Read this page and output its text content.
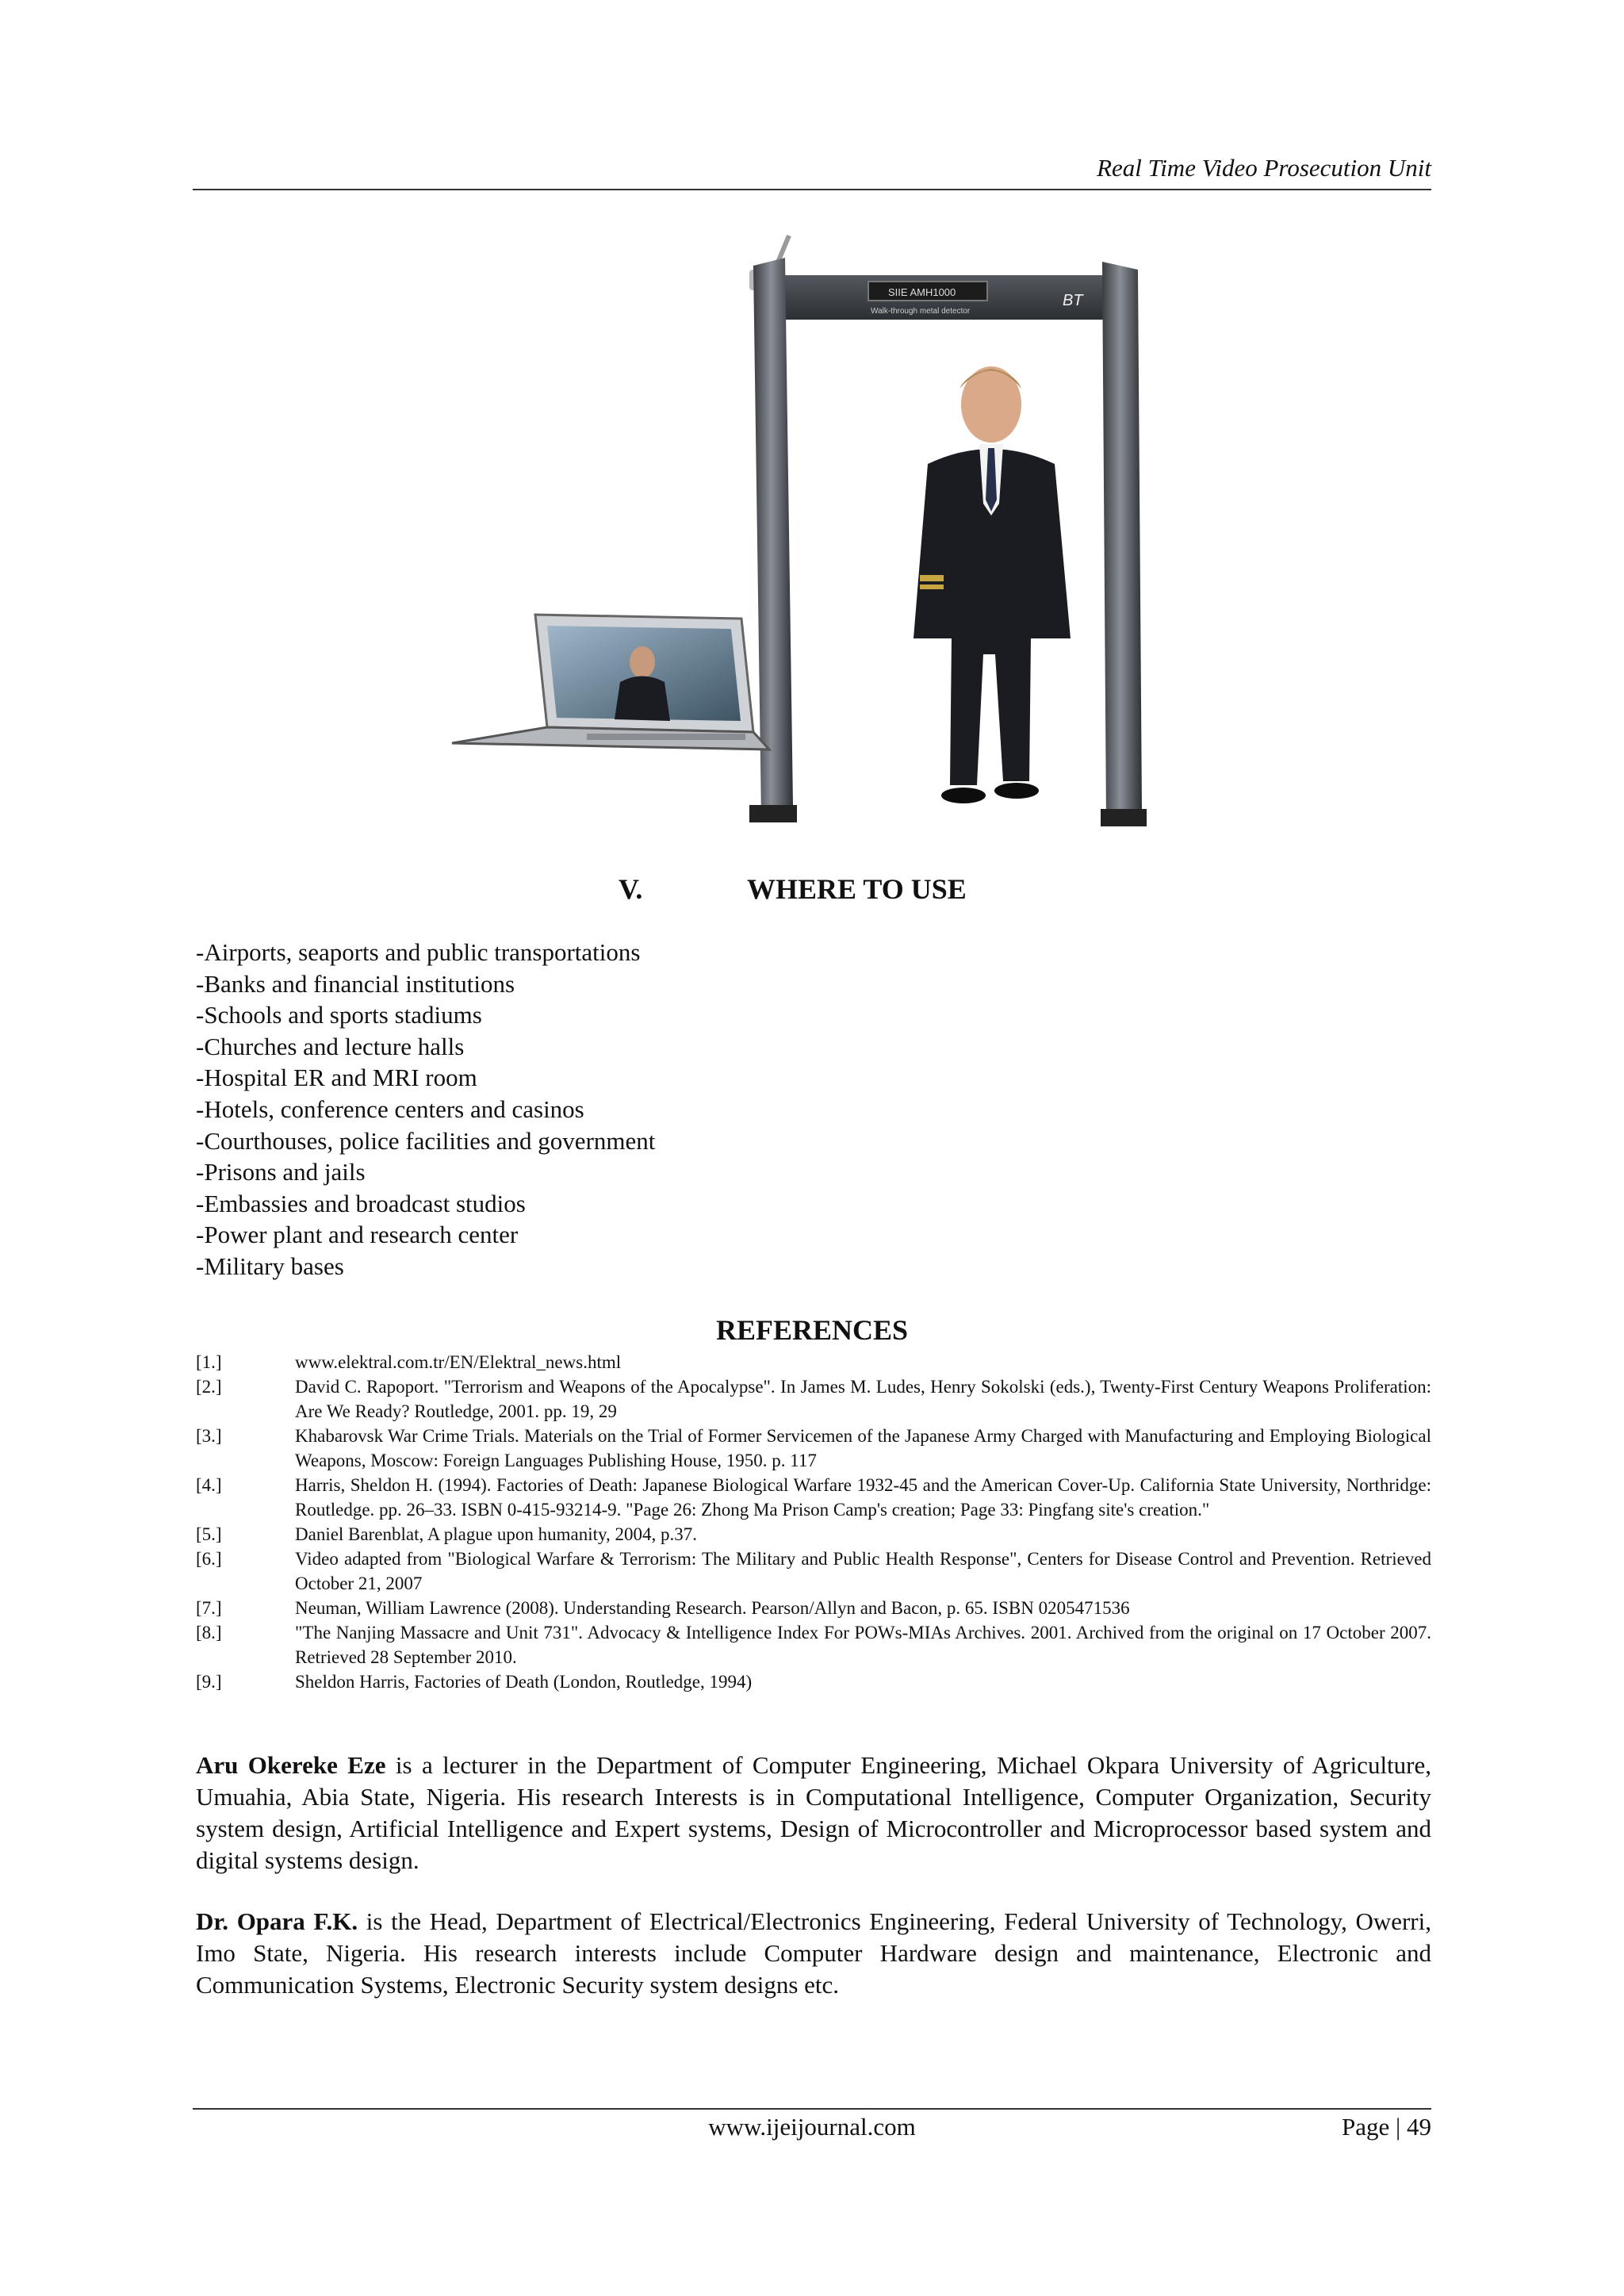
Real Time Video Prosecution Unit
SIIE AMH1000
Walk-through metal detector
BT
V.	WHERE TO USE
-Airports, seaports and public transportations
-Banks and financial institutions
-Schools and sports stadiums
-Churches and lecture halls
-Hospital ER and MRI room
-Hotels, conference centers and casinos
-Courthouses, police facilities and government
-Prisons and jails
-Embassies and broadcast studios
-Power plant and research center
-Military bases
REFERENCES
[1.]	www.elektral.com.tr/EN/Elektral_news.html
[2.]	David C. Rapoport. "Terrorism and Weapons of the Apocalypse". In James M. Ludes, Henry Sokolski (eds.), Twenty-First Century Weapons Proliferation: Are We Ready? Routledge, 2001. pp. 19, 29
[3.]	Khabarovsk War Crime Trials. Materials on the Trial of Former Servicemen of the Japanese Army Charged with Manufacturing and Employing Biological Weapons, Moscow: Foreign Languages Publishing House, 1950. p. 117
[4.]	Harris, Sheldon H. (1994). Factories of Death: Japanese Biological Warfare 1932-45 and the American Cover-Up. California State University, Northridge: Routledge. pp. 26–33. ISBN 0-415-93214-9. "Page 26: Zhong Ma Prison Camp's creation; Page 33: Pingfang site's creation."
[5.]	Daniel Barenblat, A plague upon humanity, 2004, p.37.
[6.]	Video adapted from "Biological Warfare & Terrorism: The Military and Public Health Response", Centers for Disease Control and Prevention. Retrieved October 21, 2007
[7.]	Neuman, William Lawrence (2008). Understanding Research. Pearson/Allyn and Bacon, p. 65. ISBN 0205471536
[8.]	"The Nanjing Massacre and Unit 731". Advocacy & Intelligence Index For POWs-MIAs Archives. 2001. Archived from the original on 17 October 2007. Retrieved 28 September 2010.
[9.]	Sheldon Harris, Factories of Death (London, Routledge, 1994)

Aru Okereke Eze is a lecturer in the Department of Computer Engineering, Michael Okpara University of Agriculture, Umuahia, Abia State, Nigeria. His research Interests is in Computational Intelligence, Computer Organization, Security system design, Artificial Intelligence and Expert systems, Design of Microcontroller and Microprocessor based system and digital systems design.

Dr. Opara F.K. is the Head, Department of Electrical/Electronics Engineering, Federal University of Technology, Owerri, Imo State, Nigeria. His research interests include Computer Hardware design and maintenance, Electronic and Communication Systems, Electronic Security system designs etc.

www.ijeijournal.com	Page | 49
